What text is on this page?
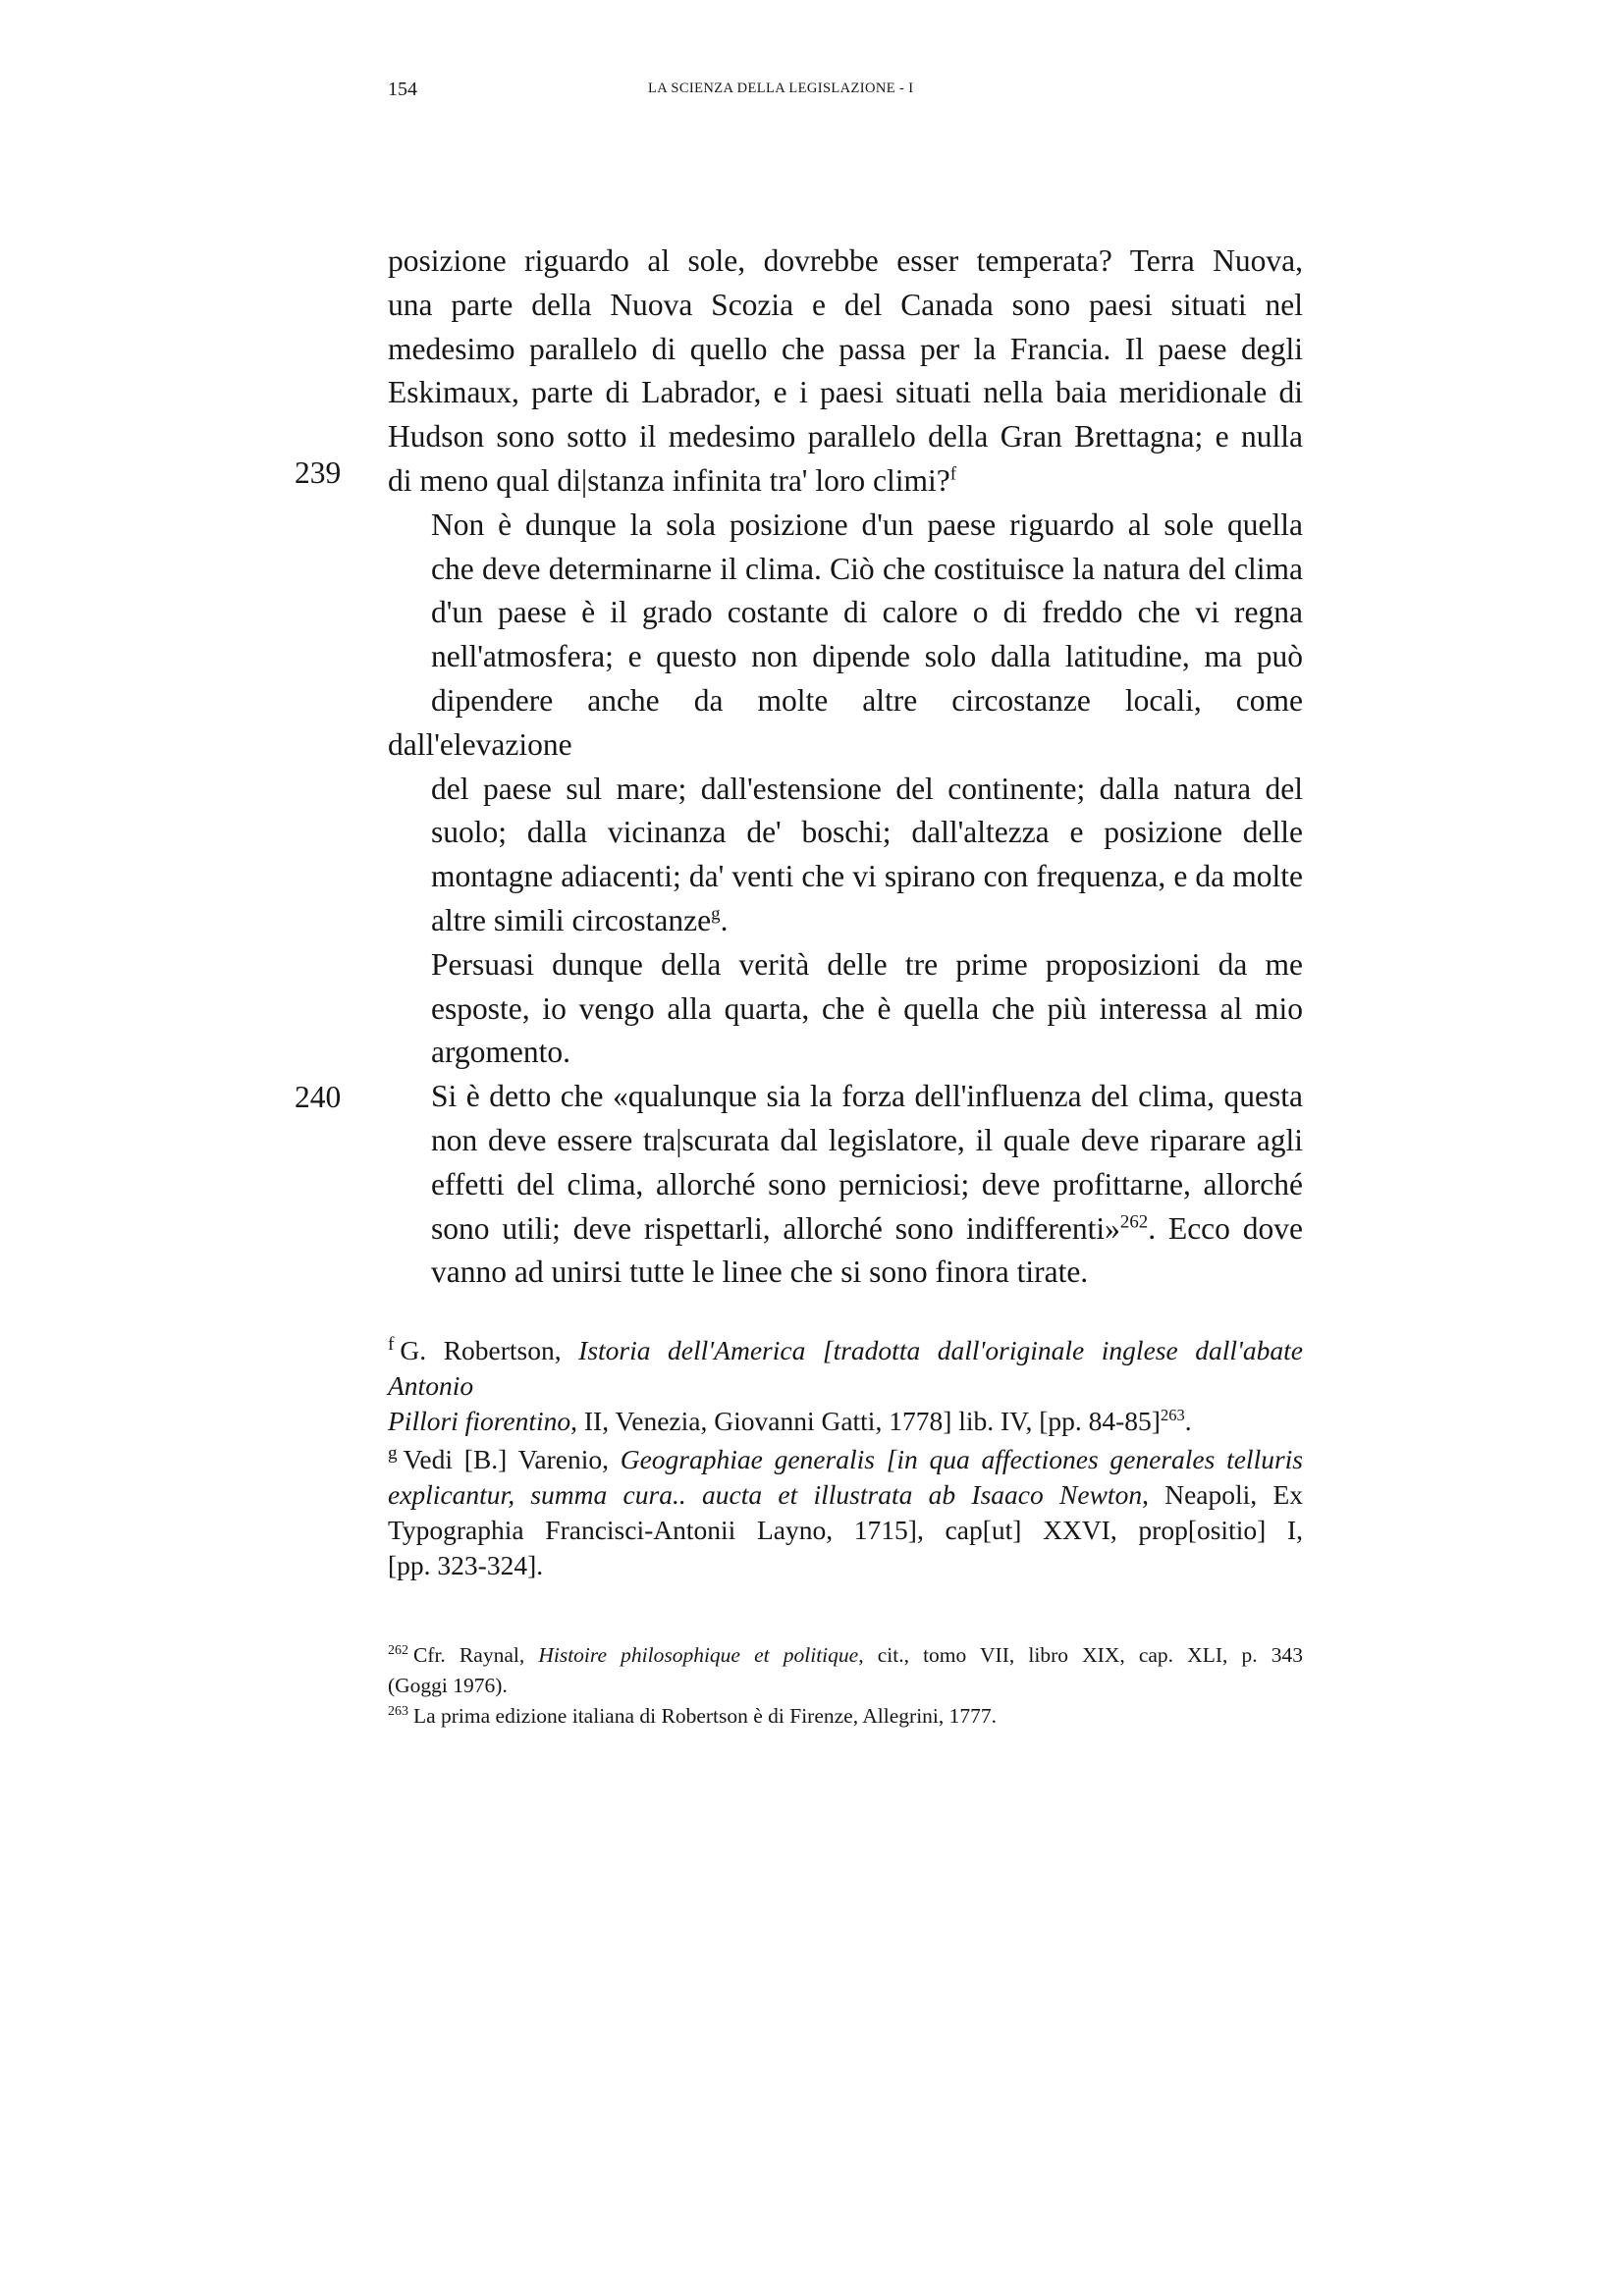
154	LA SCIENZA DELLA LEGISLAZIONE - I
239
240

posizione riguardo al sole, dovrebbe esser temperata? Terra Nuova,
una parte della Nuova Scozia e del Canada sono paesi situati nel
medesimo parallelo di quello che passa per la Francia. Il paese degli
Eskimaux, parte di Labrador, e i paesi situati nella baia meridionale di
Hudson sono sotto il medesimo parallelo della Gran Brettagna; e nulla
di meno qual di|stanza infinita tra' loro climi?$^f$

Non è dunque la sola posizione d'un paese riguardo al sole quella
che deve determinarne il clima. Ciò che costituisce la natura del clima
d'un paese è il grado costante di calore o di freddo che vi regna
nell'atmosfera; e questo non dipende solo dalla latitudine, ma può
dipendere anche da molte altre circostanze locali, come dall'elevazione
del paese sul mare; dall'estensione del continente; dalla natura del
suolo; dalla vicinanza de' boschi; dall'altezza e posizione delle
montagne adiacenti; da' venti che vi spirano con frequenza, e da molte
altre simili circostanze$^g$.

Persuasi dunque della verità delle tre prime proposizioni da me
esposte, io vengo alla quarta, che è quella che più interessa al mio
argomento.

Si è detto che «qualunque sia la forza dell'influenza del clima, questa
non deve essere tra|scurata dal legislatore, il quale deve riparare agli
effetti del clima, allorché sono perniciosi; deve profittarne, allorché
sono utili; deve rispettarli, allorché sono indifferenti»$^{262}$. Ecco dove
vanno ad unirsi tutte le linee che si sono finora tirate.

$^f$ G. Robertson, Istoria dell'America [tradotta dall'originale inglese dall'abate Antonio
Pillori fiorentino, II, Venezia, Giovanni Gatti, 1778] lib. IV, [pp. 84-85]$^{263}$.
$^g$ Vedi [B.] Varenio, Geographiae generalis [in qua affectiones generales telluris
explicantur, summa cura.. aucta et illustrata ab Isaaco Newton, Neapoli, Ex
Typographia Francisci-Antonii Layno, 1715], cap[ut] XXVI, prop[ositio] I,
[pp. 323-324].
$^{262}$ Cfr. Raynal, Histoire philosophique et politique, cit., tomo VII, libro XIX, cap. XLI, p. 343
(Goggi 1976).
$^{263}$ La prima edizione italiana di Robertson è di Firenze, Allegrini, 1777.
